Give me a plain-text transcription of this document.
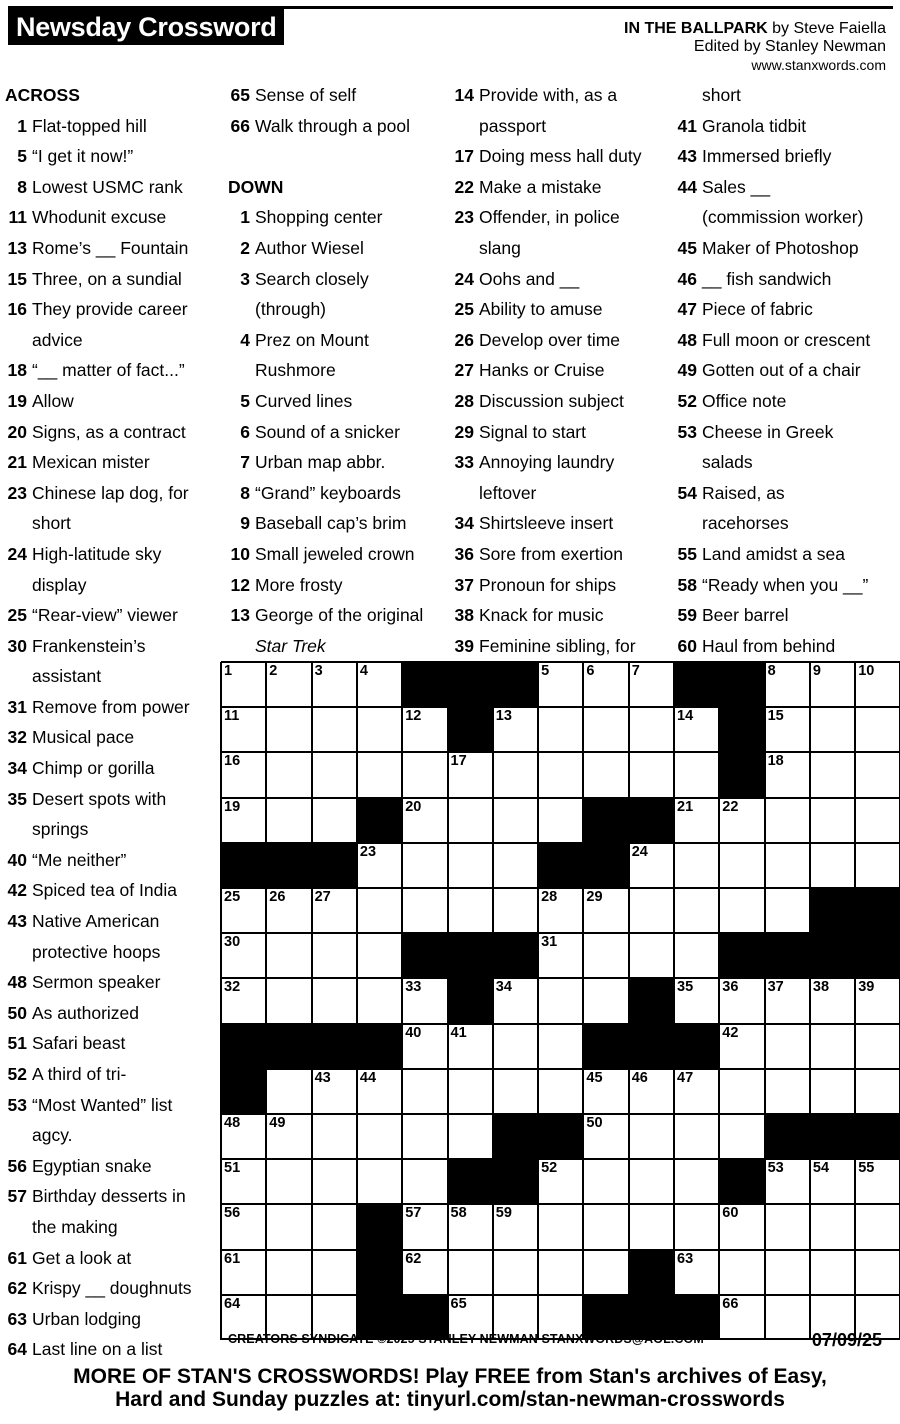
Newsday Crossword	IN THE BALLPARK by Steve Faiella
Edited by Stanley Newman
www.stanxwords.com
ACROSS
1 Flat-topped hill
5 “I get it now!”
8 Lowest USMC rank
11 Whodunit excuse
13 Rome’s __ Fountain
15 Three, on a sundial
16 They provide career
advice
18 “__ matter of fact...”
19 Allow
20 Signs, as a contract
21 Mexican mister
23 Chinese lap dog, for
short
24 High-latitude sky
display
25 “Rear-view” viewer
30 Frankenstein’s
assistant
31 Remove from power
32 Musical pace
34 Chimp or gorilla
35 Desert spots with
springs
40 “Me neither”
42 Spiced tea of India
43 Native American
protective hoops
48 Sermon speaker
50 As authorized
51 Safari beast
52 A third of tri-
53 “Most Wanted” list
agcy.
56 Egyptian snake
57 Birthday desserts in
the making
61 Get a look at
62 Krispy __ doughnuts
63 Urban lodging
64 Last line on a list
65 Sense of self
66 Walk through a pool
DOWN
1 Shopping center
2 Author Wiesel
3 Search closely
(through)
4 Prez on Mount
Rushmore
5 Curved lines
6 Sound of a snicker
7 Urban map abbr.
8 “Grand” keyboards
9 Baseball cap’s brim
10 Small jeweled crown
12 More frosty
13 George of the original
Star Trek
14 Provide with, as a
passport
17 Doing mess hall duty
22 Make a mistake
23 Offender, in police
slang
24 Oohs and __
25 Ability to amuse
26 Develop over time
27 Hanks or Cruise
28 Discussion subject
29 Signal to start
33 Annoying laundry
leftover
34 Shirtsleeve insert
36 Sore from exertion
37 Pronoun for ships
38 Knack for music
39 Feminine sibling, for
short
41 Granola tidbit
43 Immersed briefly
44 Sales __
(commission worker)
45 Maker of Photoshop
46 __ fish sandwich
47 Piece of fabric
48 Full moon or crescent
49 Gotten out of a chair
52 Office note
53 Cheese in Greek
salads
54 Raised, as
racehorses
55 Land amidst a sea
58 “Ready when you __”
59 Beer barrel
60 Haul from behind
1	2	3	4	5	6	7	8	9	10
11	12	13	14	15
16	17	18
19	20	21 22
23	24
25 26 27	28 29
30	31
32	33	34	35 36 37 38 39
40 41	42
43 44	45 46 47
48 49	50
51	52	53 54 55
56	57 58 59	60
61	62	63
64	65	66
CREATORS SYNDICATE ©2025 STANLEY NEWMAN STANXWORDS@AOL.COM	07/09/25
MORE OF STAN'S CROSSWORDS! Play FREE from Stan's archives of Easy,
Hard and Sunday puzzles at: tinyurl.com/stan-newman-crosswords
